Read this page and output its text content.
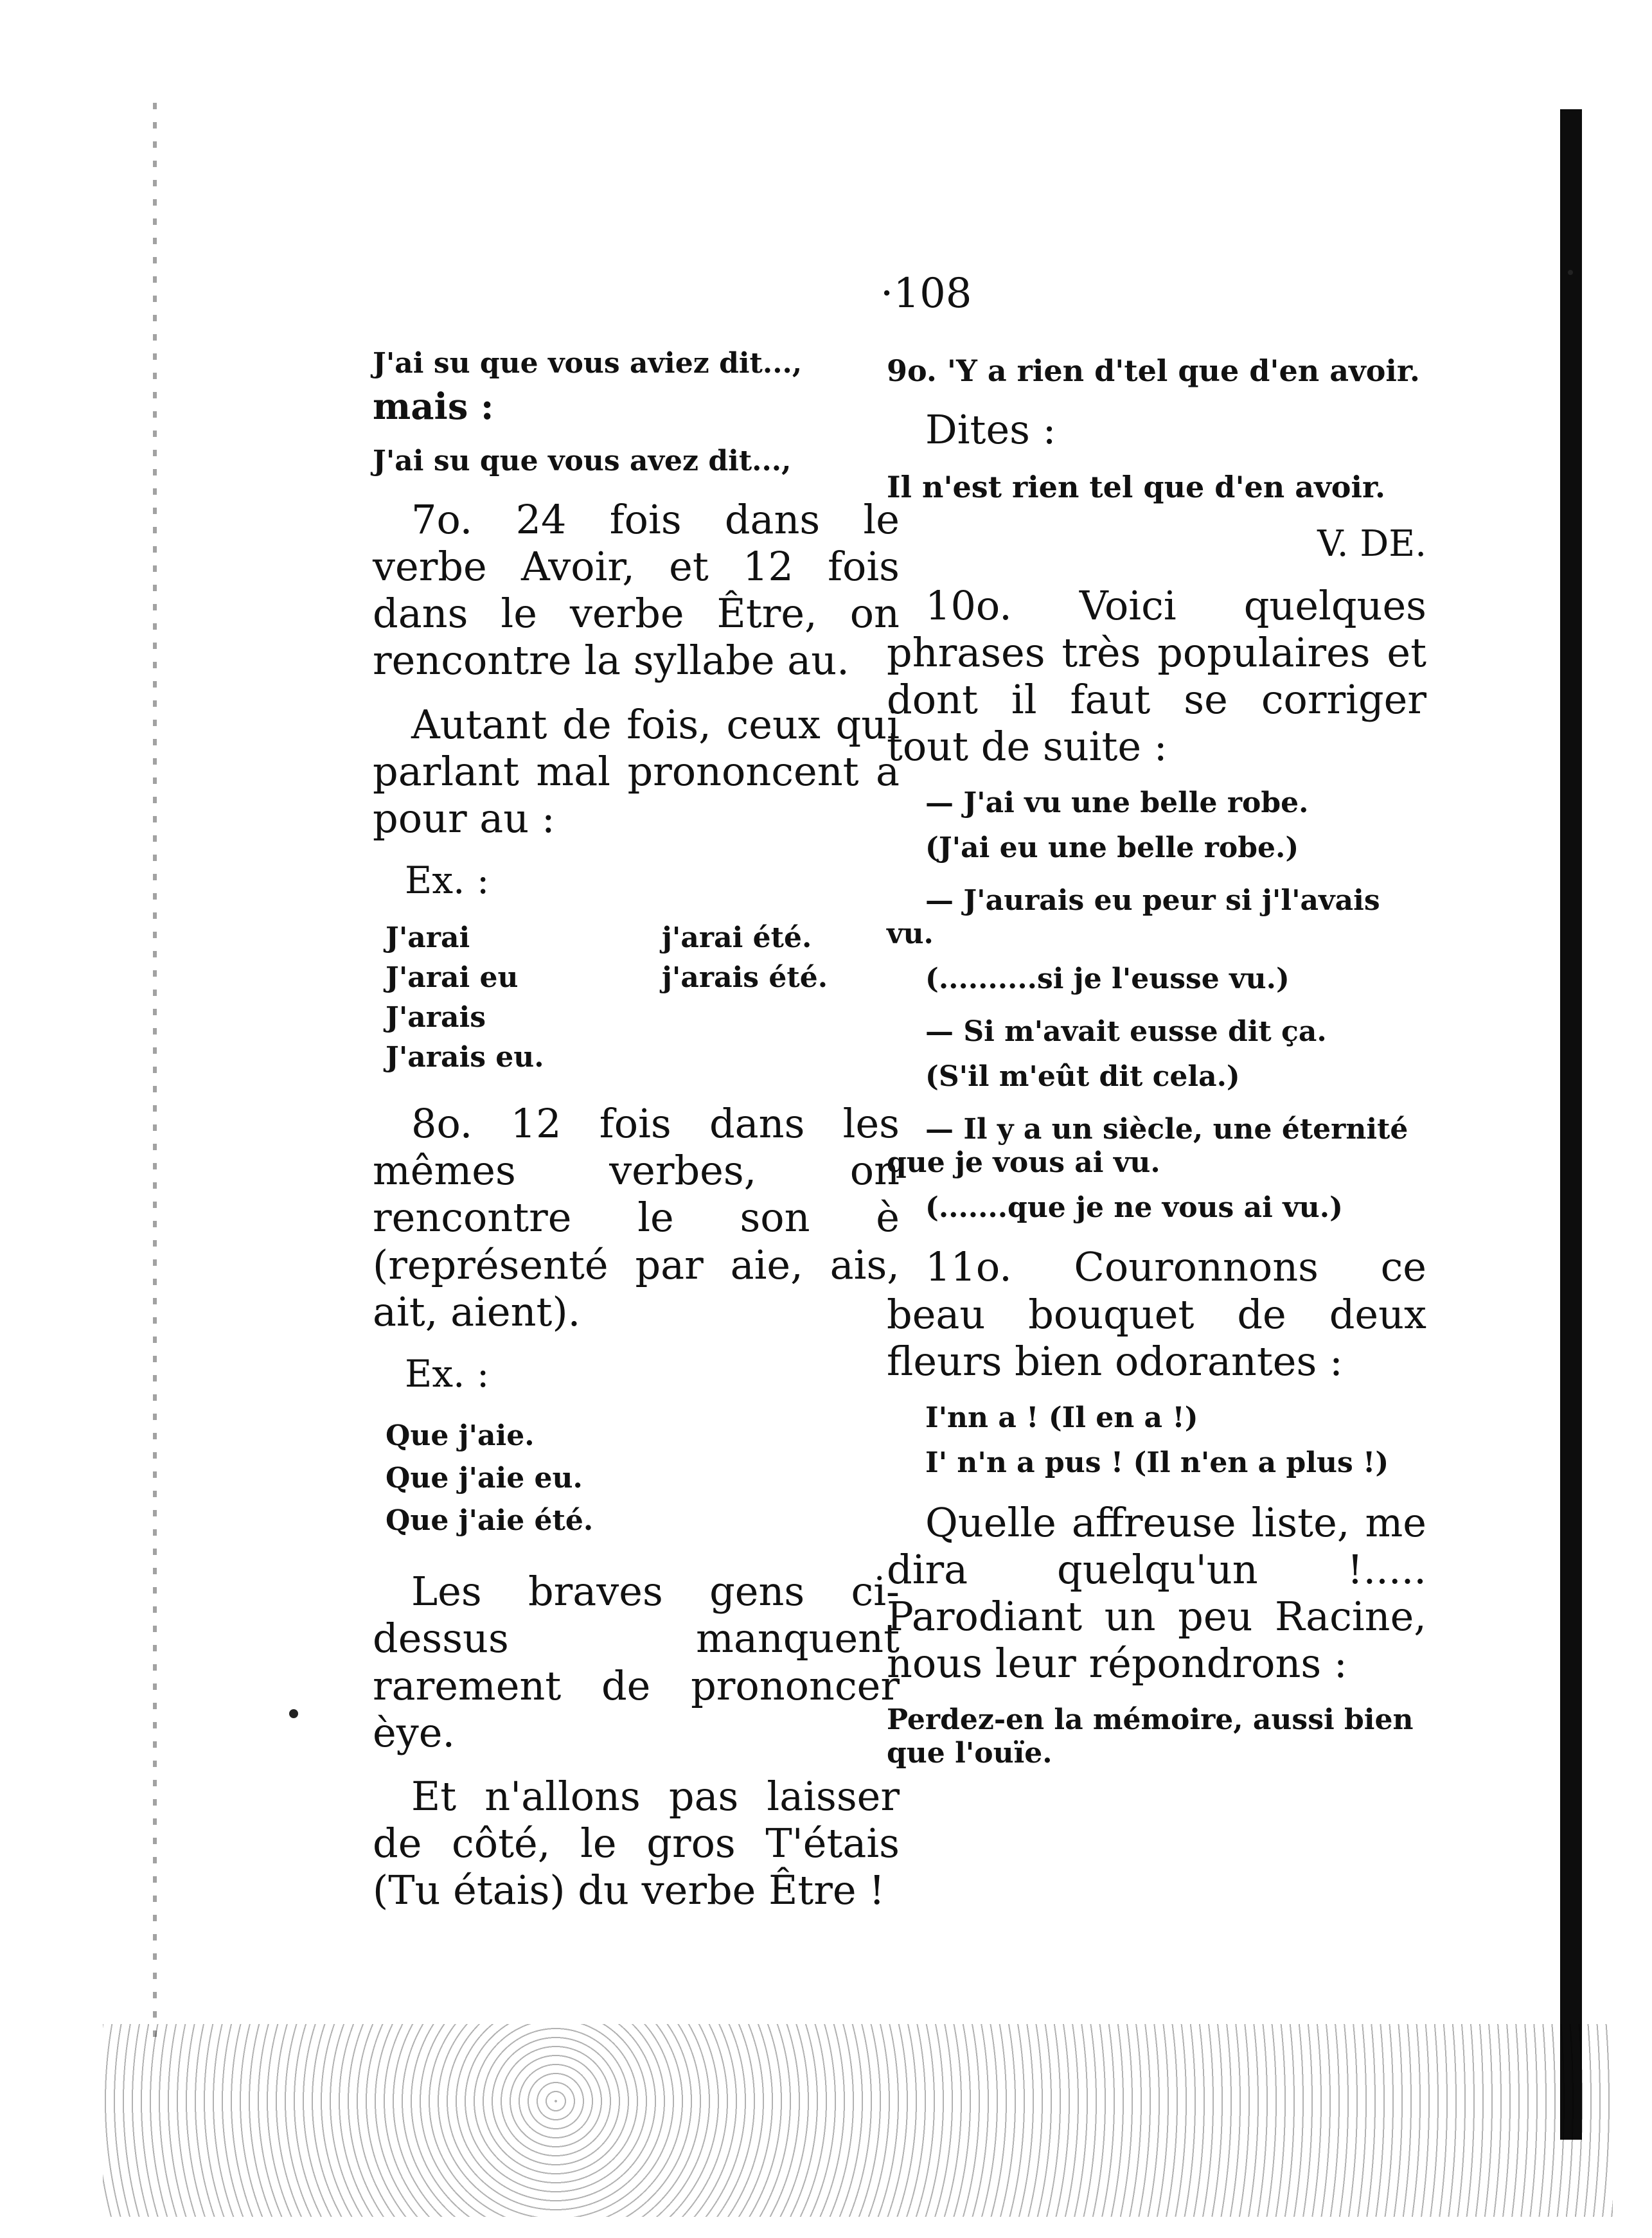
·108

J'ai su que vous aviez dit...,

mais :

J'ai su que vous avez dit...,

7o. 24 fois dans le verbe Avoir, et 12 fois dans le verbe Être, on rencontre la syllabe au.

Autant de fois, ceux qui parlant mal prononcent a pour au :

Ex. :

J'arai	j'arai été.
J'arai eu	j'arais été.
J'arais
J'arais eu.

8o. 12 fois dans les mêmes verbes, on rencontre le son è (représenté par aie, ais, ait, aient).

Ex. :

Que j'aie.
Que j'aie eu.
Que j'aie été.

Les braves gens ci-dessus manquent rarement de prononcer èye.

Et n'allons pas laisser de côté, le gros T'étais (Tu étais) du verbe Être !

9o. 'Y a rien d'tel que d'en avoir.

Dites :

Il n'est rien tel que d'en avoir.

V. DE.

10o. Voici quelques phrases très populaires et dont il faut se corriger tout de suite :

— J'ai vu une belle robe.

(J'ai eu une belle robe.)

— J'aurais eu peur si j'l'avais vu.

(..........si je l'eusse vu.)

— Si m'avait eusse dit ça.

(S'il m'eût dit cela.)

— Il y a un siècle, une éternité que je vous ai vu.

(.......que je ne vous ai vu.)

11o. Couronnons ce beau bouquet de deux fleurs bien odorantes :

I'nn a ! (Il en a !)

I' n'n a pus ! (Il n'en a plus !)

Quelle affreuse liste, me dira quelqu'un !..... Parodiant un peu Racine, nous leur répondrons :

Perdez-en la mémoire, aussi bien que l'ouïe.
